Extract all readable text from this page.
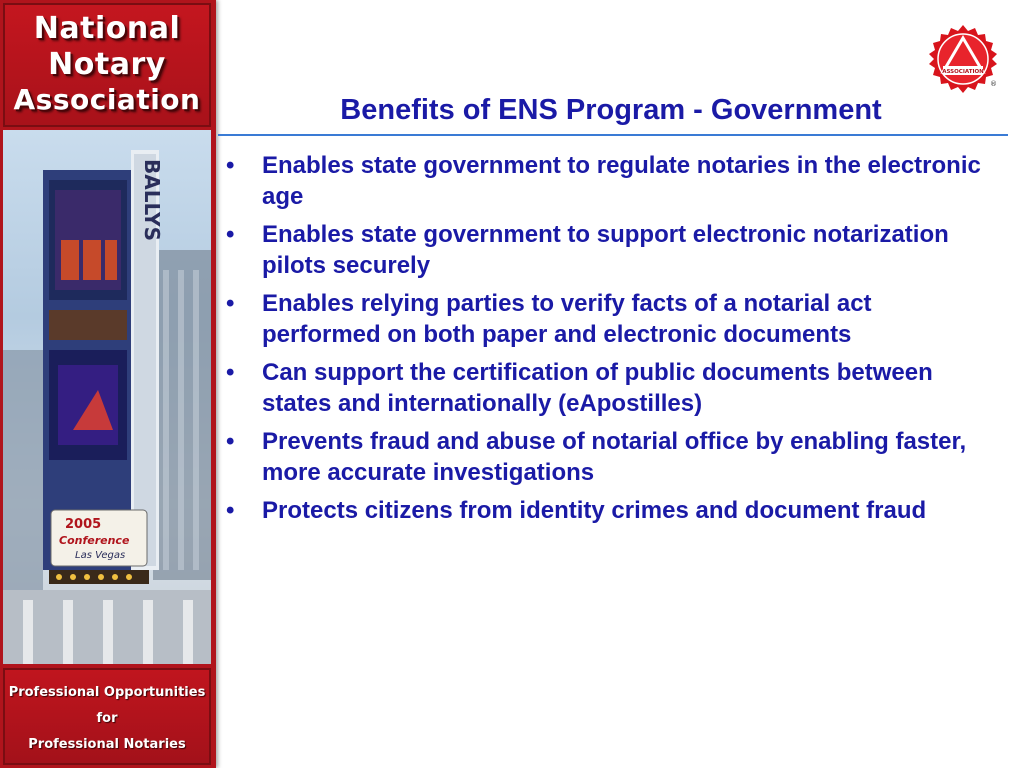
National
Notary
Association
BALLYS
2005
Conference
Las Vegas
Professional Opportunities
for
Professional Notaries
ASSOCIATION
®
Benefits of ENS Program - Government
• Enables state government to regulate notaries in the electronic age
• Enables state government to support electronic notarization pilots securely
• Enables relying parties to verify facts of a notarial act performed on both paper and electronic documents
• Can support the certification of public documents between states and internationally (eApostilles)
• Prevents fraud and abuse of notarial office by enabling faster, more accurate investigations
• Protects citizens from identity crimes and document fraud
